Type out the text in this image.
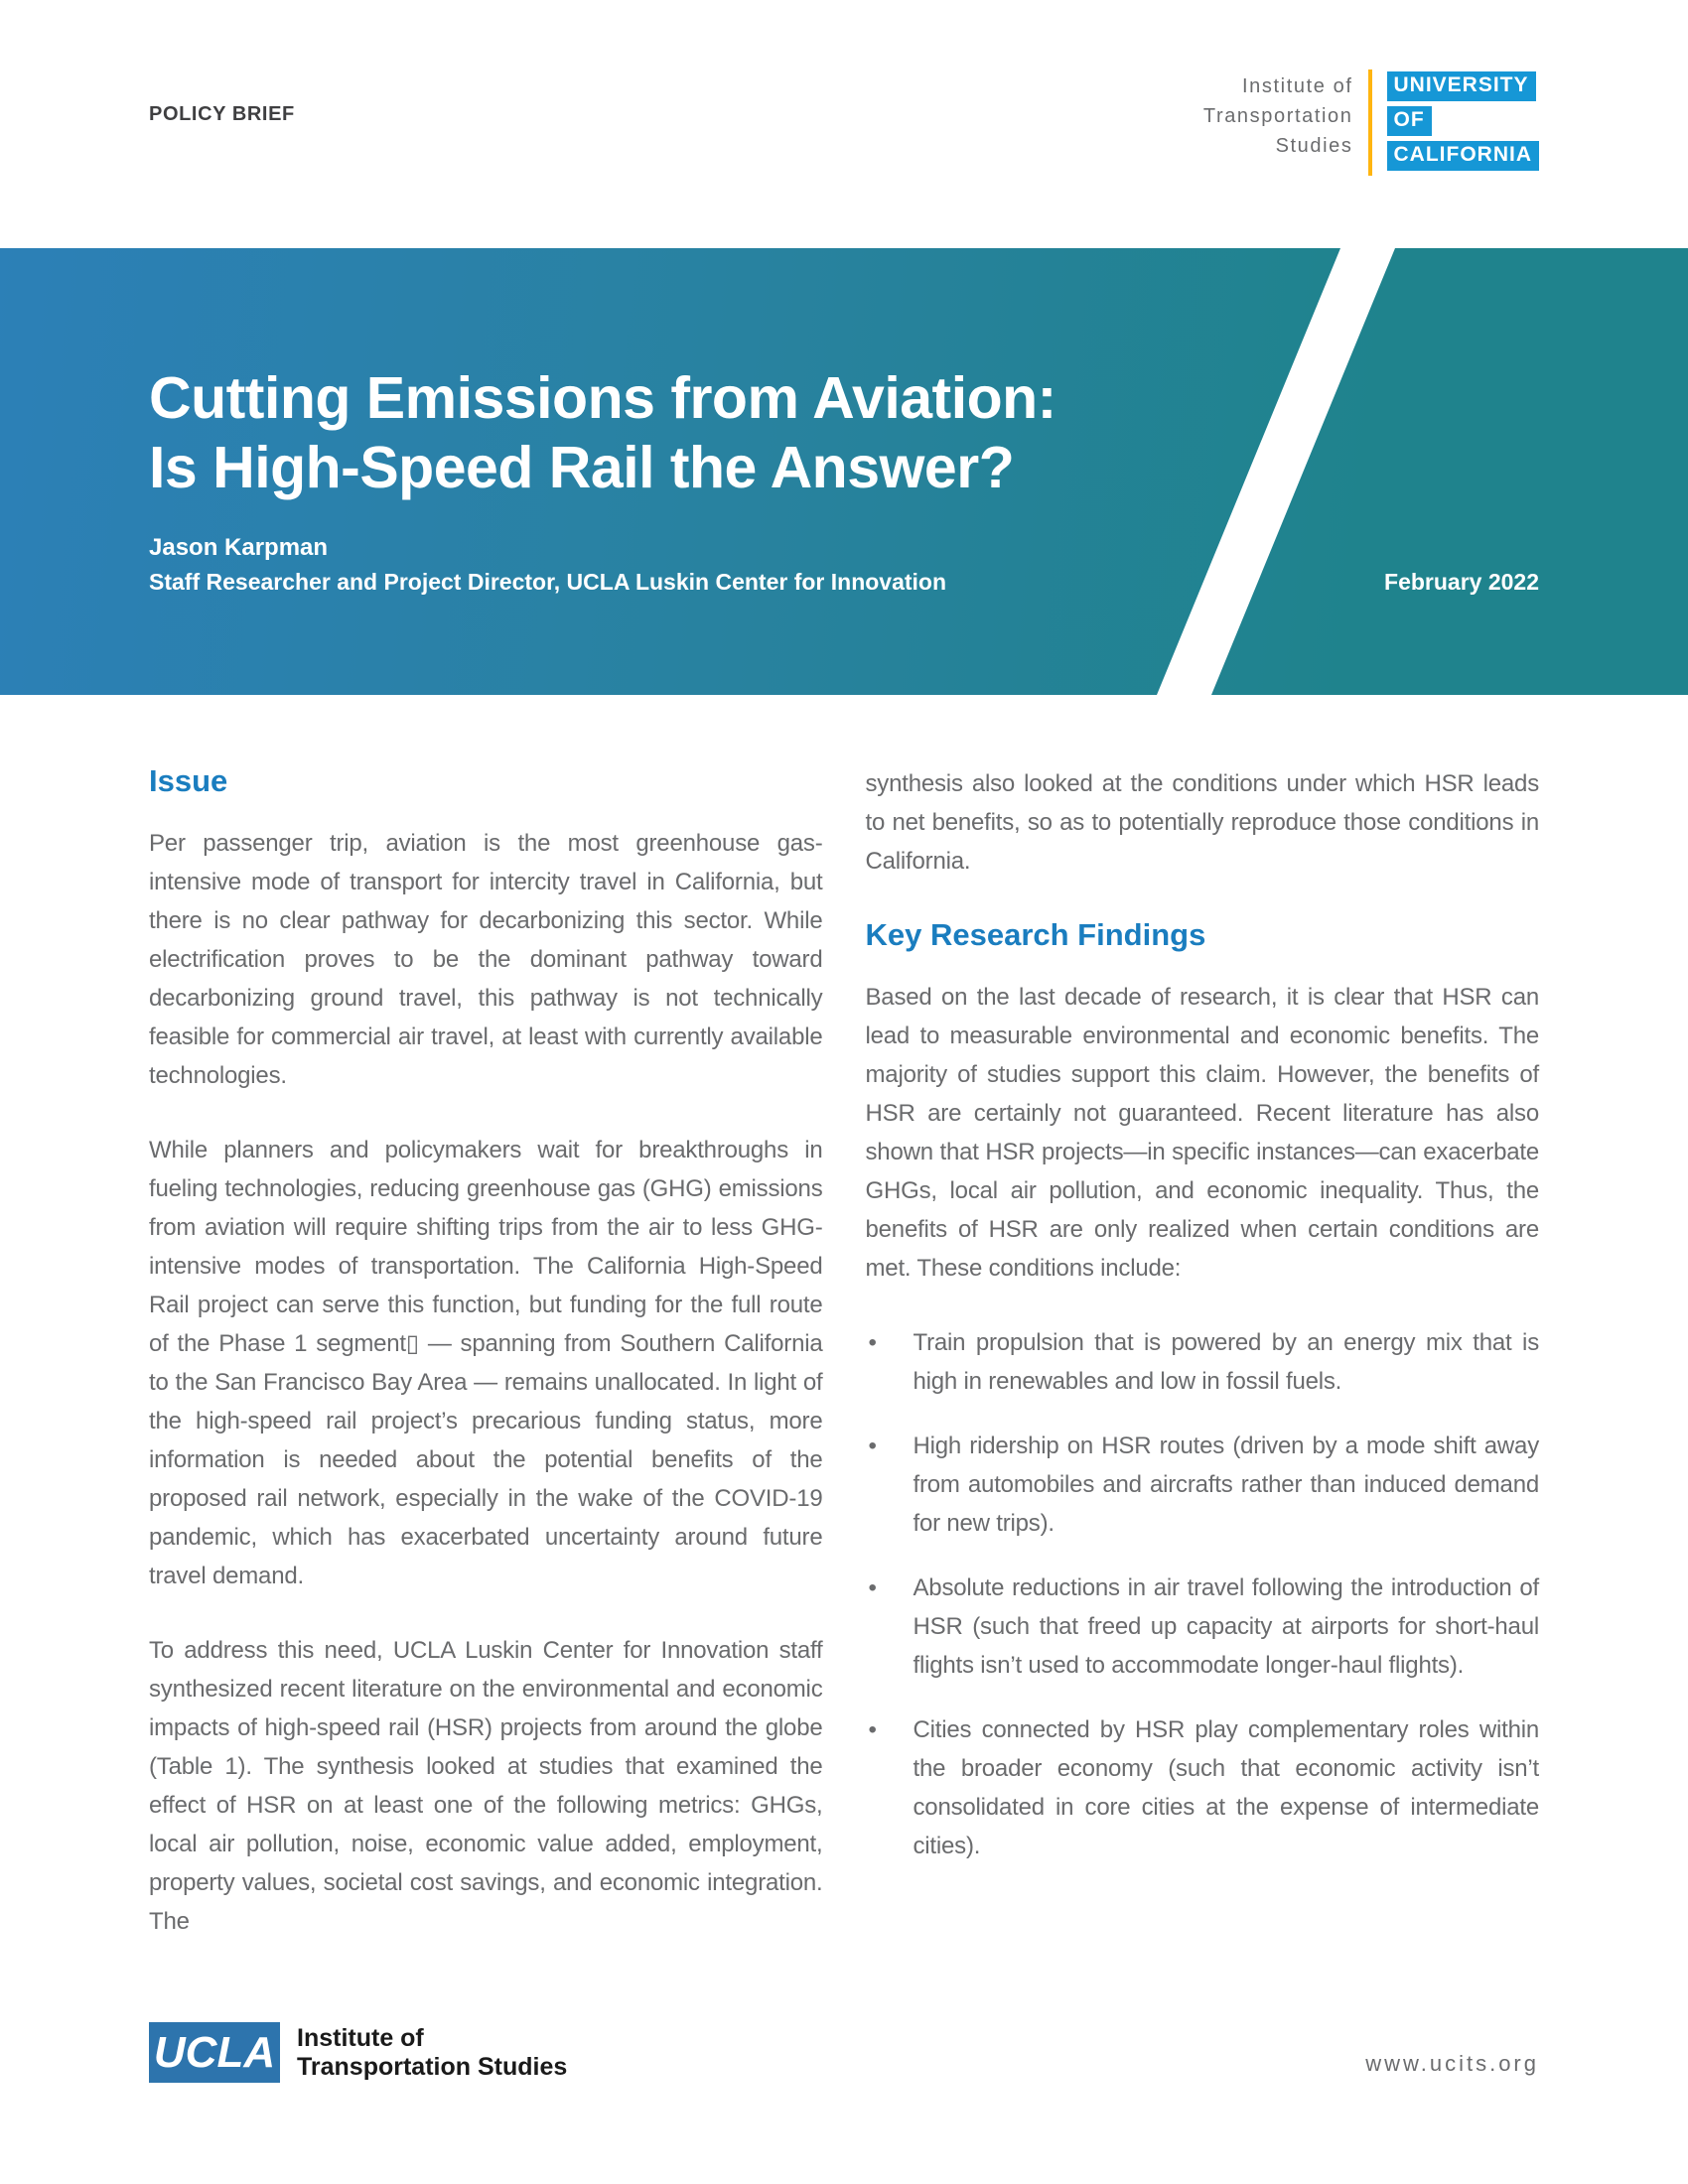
POLICY BRIEF
Institute of
Transportation
Studies
UNIVERSITY
OF
CALIFORNIA
Cutting Emissions from Aviation:
Is High-Speed Rail the Answer?
Jason Karpman
Staff Researcher and Project Director, UCLA Luskin Center for Innovation	February 2022
Issue

Per passenger trip, aviation is the most greenhouse gas-intensive mode of transport for intercity travel in California, but there is no clear pathway for decarbonizing this sector. While electrification proves to be the dominant pathway toward decarbonizing ground travel, this pathway is not technically feasible for commercial air travel, at least with currently available technologies.

While planners and policymakers wait for breakthroughs in fueling technologies, reducing greenhouse gas (GHG) emissions from aviation will require shifting trips from the air to less GHG-intensive modes of transportation. The California High-Speed Rail project can serve this function, but funding for the full route of the Phase 1 segment▯ — spanning from Southern California to the San Francisco Bay Area — remains unallocated. In light of the high-speed rail project’s precarious funding status, more information is needed about the potential benefits of the proposed rail network, especially in the wake of the COVID-19 pandemic, which has exacerbated uncertainty around future travel demand.

To address this need, UCLA Luskin Center for Innovation staff synthesized recent literature on the environmental and economic impacts of high-speed rail (HSR) projects from around the globe (Table 1). The synthesis looked at studies that examined the effect of HSR on at least one of the following metrics: GHGs, local air pollution, noise, economic value added, employment, property values, societal cost savings, and economic integration. The

synthesis also looked at the conditions under which HSR leads to net benefits, so as to potentially reproduce those conditions in California.

Key Research Findings

Based on the last decade of research, it is clear that HSR can lead to measurable environmental and economic benefits. The majority of studies support this claim. However, the benefits of HSR are certainly not guaranteed. Recent literature has also shown that HSR projects—in specific instances—can exacerbate GHGs, local air pollution, and economic inequality. Thus, the benefits of HSR are only realized when certain conditions are met. These conditions include:

• Train propulsion that is powered by an energy mix that is high in renewables and low in fossil fuels.
• High ridership on HSR routes (driven by a mode shift away from automobiles and aircrafts rather than induced demand for new trips).
• Absolute reductions in air travel following the introduction of HSR (such that freed up capacity at airports for short-haul flights isn’t used to accommodate longer-haul flights).
• Cities connected by HSR play complementary roles within the broader economy (such that economic activity isn’t consolidated in core cities at the expense of intermediate cities).
UCLA Institute of
Transportation Studies	www.ucits.org
